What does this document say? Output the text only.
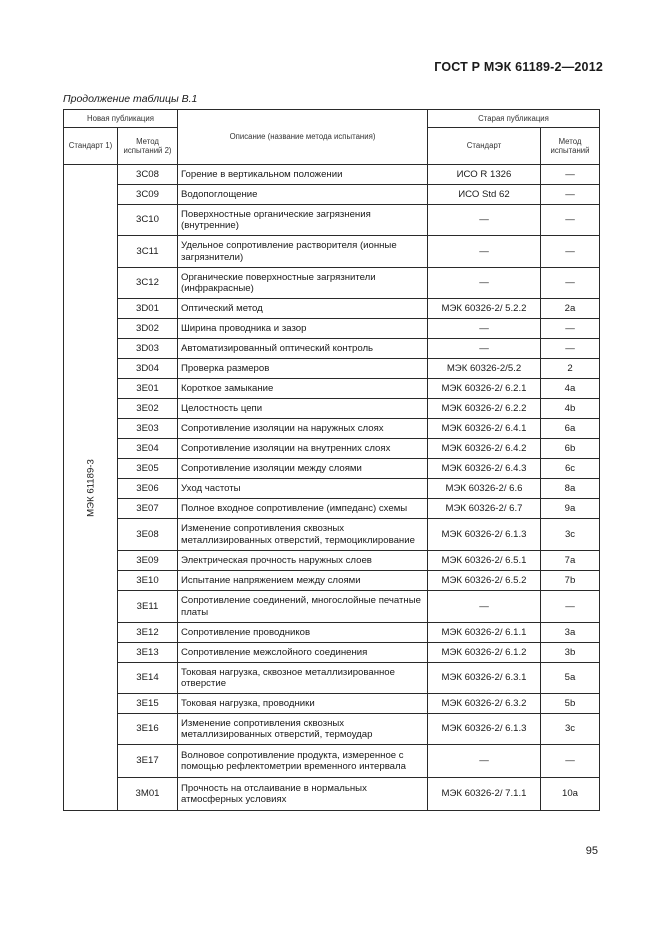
ГОСТ Р МЭК 61189-2—2012
Продолжение таблицы В.1
Новая публикация		Описание (название метода испытания)	Старая публикация	
Стандарт 1)	Метод испытаний 2)		Стандарт	Метод испытаний

МЭК 61189-3	3C08	Горение в вертикальном положении	ИСО R 1326	—
	3C09	Водопоглощение	ИСО Std 62	—
	3C10	Поверхностные органические загрязнения (внутренние)	—	—
	3C11	Удельное сопротивление растворителя (ионные загрязнители)	—	—
	3C12	Органические поверхностные загрязнители (инфракрасные)	—	—
	3D01	Оптический метод	МЭК 60326-2/ 5.2.2	2a
	3D02	Ширина проводника и зазор	—	—
	3D03	Автоматизированный оптический контроль	—	—
	3D04	Проверка размеров	МЭК 60326-2/5.2	2
	3E01	Короткое замыкание	МЭК 60326-2/ 6.2.1	4a
	3E02	Целостность цепи	МЭК 60326-2/ 6.2.2	4b
	3E03	Сопротивление изоляции на наружных слоях	МЭК 60326-2/ 6.4.1	6a
	3E04	Сопротивление изоляции на внутренних слоях	МЭК 60326-2/ 6.4.2	6b
	3E05	Сопротивление изоляции между слоями	МЭК 60326-2/ 6.4.3	6c
	3E06	Уход частоты	МЭК 60326-2/ 6.6	8a
	3E07	Полное входное сопротивление (импеданс) схемы	МЭК 60326-2/ 6.7	9a
	3E08	Изменение сопротивления сквозных металлизированных отверстий, термоциклирование	МЭК 60326-2/ 6.1.3	3c
	3E09	Электрическая прочность наружных слоев	МЭК 60326-2/ 6.5.1	7a
	3E10	Испытание напряжением между слоями	МЭК 60326-2/ 6.5.2	7b
	3E11	Сопротивление соединений, многослойные печатные платы	—	—
	3E12	Сопротивление проводников	МЭК 60326-2/ 6.1.1	3a
	3E13	Сопротивление межслойного соединения	МЭК 60326-2/ 6.1.2	3b
	3E14	Токовая нагрузка, сквозное металлизированное отверстие	МЭК 60326-2/ 6.3.1	5a
	3E15	Токовая нагрузка, проводники	МЭК 60326-2/ 6.3.2	5b
	3E16	Изменение сопротивления сквозных металлизированных отверстий, термоудар	МЭК 60326-2/ 6.1.3	3c
	3E17	Волновое сопротивление продукта, измеренное с помощью рефлектометрии временного интервала	—	—
	3M01	Прочность на отслаивание в нормальных атмосферных условиях	МЭК 60326-2/ 7.1.1	10a
95
